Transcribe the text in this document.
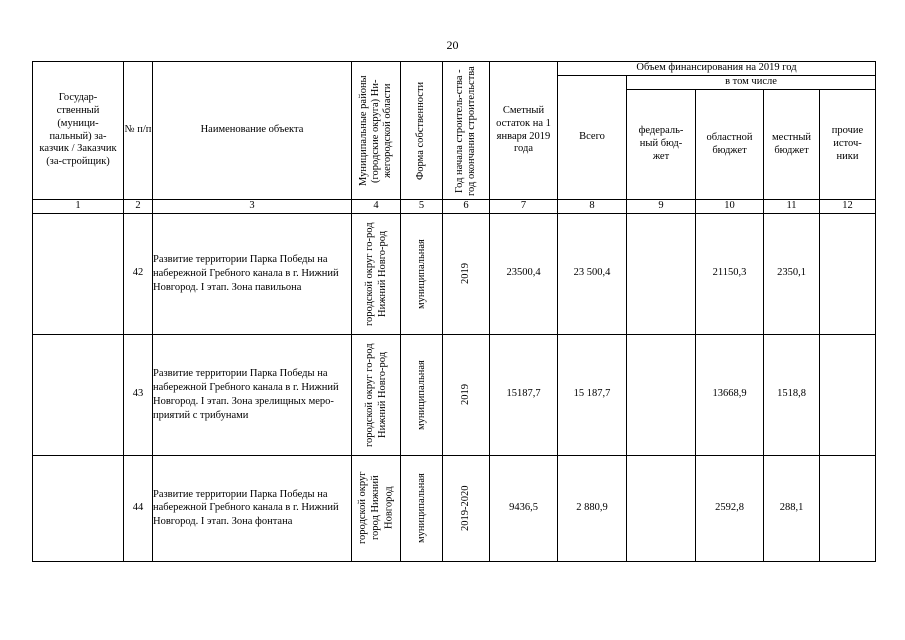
20
Государ-ственный (муници-пальный) за-казчик / Заказчик (за-стройщик)	№ п/п	Наименование объекта	Муниципальные районы (городские округа) Ни-жегородской области	Форма собственности	Год начала строитель-ства - год окончания строительства	Сметный остаток на 1 января 2019 года	Объем финансирования на 2019 год				
							Всего	в том числе			

								федераль-ный бюд-жет	областной бюджет	местный бюджет	прочие источ-ники

1	2	3	4	5	6	7	8	9	10	11	12
	42	Развитие территории Парка Победы на набережной Гребного канала в г. Нижний Новгород. I этап. Зона павильона	городской округ го-род Нижний Новго-род	муниципальная	2019	23500,4	23 500,4		21150,3	2350,1	
	43	Развитие территории Парка Победы на набережной Гребного канала в г. Нижний Новгород. I этап. Зона зрелищных меро-приятий с трибунами	городской округ го-род Нижний Новго-род	муниципальная	2019	15187,7	15 187,7		13668,9	1518,8	
	44	Развитие территории Парка Победы на набережной Гребного канала в г. Нижний Новгород. I этап. Зона фонтана	городской округ город Нижний Новгород	муниципальная	2019-2020	9436,5	2 880,9		2592,8	288,1	
